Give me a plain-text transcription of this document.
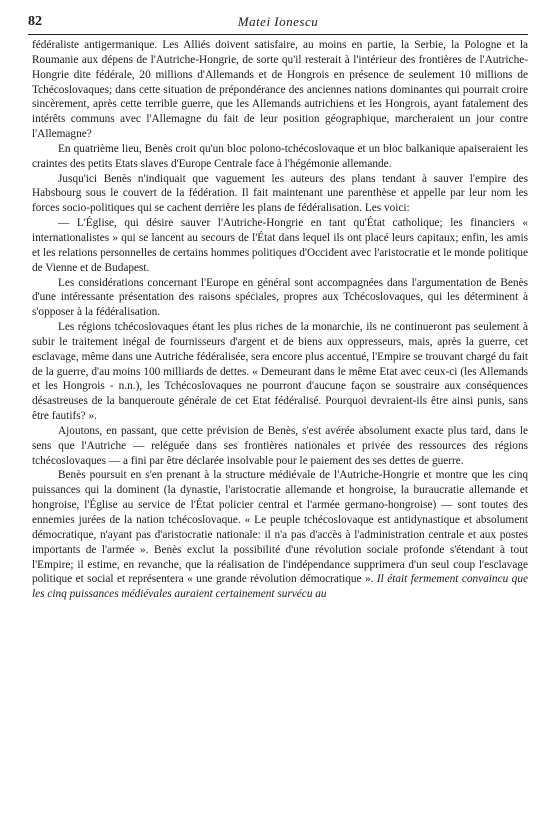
82	Matei Ionescu

fédéraliste antigermanique. Les Alliés doivent satisfaire, au moins en partie, la Serbie, la Pologne et la Roumanie aux dépens de l'Autriche-Hongrie, de sorte qu'il resterait à l'intérieur des frontières de l'Autriche-Hongrie dite fédérale, 20 millions d'Allemands et de Hongrois en présence de seulement 10 millions de Tchécoslovaques; dans cette situation de prépondérance des anciennes nations dominantes qui pourrait croire sincèrement, après cette terrible guerre, que les Allemands autrichiens et les Hongrois, ayant fatalement des intérêts communs avec l'Allemagne du fait de leur position géographique, marcheraient un jour contre l'Allemagne?

En quatrième lieu, Benès croit qu'un bloc polono-tchécoslovaque et un bloc balkanique apaiseraient les craintes des petits Etats slaves d'Europe Centrale face à l'hégémonie allemande.

Jusqu'ici Benès n'indiquait que vaguement les auteurs des plans tendant à sauver l'empire des Habsbourg sous le couvert de la fédération. Il fait maintenant une parenthèse et appelle par leur nom les forces socio-politiques qui se cachent derrière les plans de fédéralisation. Les voici:

— L'Église, qui désire sauver l'Autriche-Hongrie en tant qu'État catholique; les financiers « internationalistes » qui se lancent au secours de l'État dans lequel ils ont placé leurs capitaux; enfin, les amis et les relations personnelles de certains hommes politiques d'Occident avec l'aristocratie et le monde politique de Vienne et de Budapest.

Les considérations concernant l'Europe en général sont accompagnées dans l'argumentation de Benès d'une intéressante présentation des raisons spéciales, propres aux Tchécoslovaques, qui les déterminent à s'opposer à la fédéralisation.

Les régions tchécoslovaques étant les plus riches de la monarchie, ils ne continueront pas seulement à subir le traitement inégal de fournisseurs d'argent et de biens aux oppresseurs, mais, après la guerre, cet esclavage, même dans une Autriche fédéralisée, sera encore plus accentué, l'Empire se trouvant chargé du fait de la guerre, d'au moins 100 milliards de dettes. « Demeurant dans le même Etat avec ceux-ci (les Allemands et les Hongrois - n.n.), les Tchécoslovaques ne pourront d'aucune façon se soustraire aux conséquences désastreuses de la banqueroute générale de cet Etat fédéralisé. Pourquoi devraient-ils être ainsi punis, sans être fautifs? ».

Ajoutons, en passant, que cette prévision de Benès, s'est avérée absolument exacte plus tard, dans le sens que l'Autriche — reléguée dans ses frontières nationales et privée des ressources des régions tchécoslovaques — a fini par être déclarée insolvable pour le paiement des ses dettes de guerre.

Benès poursuit en s'en prenant à la structure médiévale de l'Autriche-Hongrie et montre que les cinq puissances qui la dominent (la dynastie, l'aristocratie allemande et hongroise, la buraucratie allemande et hongroise, l'Église au service de l'État policier central et l'armée germano-hongroise) — sont toutes des ennemies jurées de la nation tchécoslovaque. « Le peuple tchécoslovaque est antidynastique et absolument démocratique, n'ayant pas d'aristocratie nationale: il n'a pas d'accès à l'administration centrale et aux postes importants de l'armée ». Benès exclut la possibilité d'une révolution sociale profonde s'étendant à tout l'Empire; il estime, en revanche, que la réalisation de l'indépendance supprimera d'un seul coup l'esclavage politique et social et représentera « une grande révolution démocratique ». Il était fermement convaincu que les cinq puissances médiévales auraient certainement survécu au
